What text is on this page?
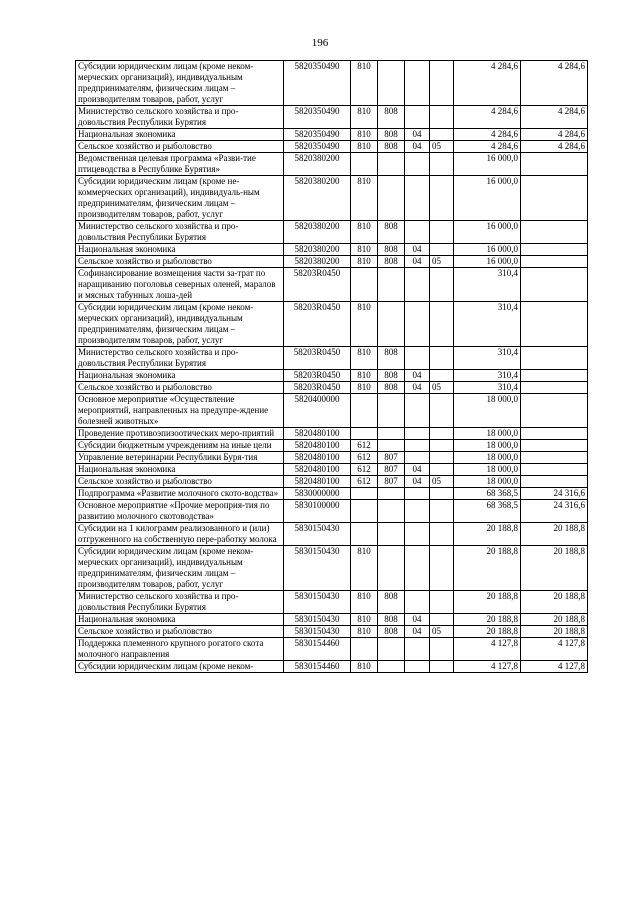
196
Субсидии юридическим лицам (кроме неком-мерческих организаций), индивидуальным предпринимателям, физическим лицам – производителям товаров, работ, услуг	5820350490	810				4 284,6	4 284,6
Министерство сельского хозяйства и про-довольствия Республики Бурятия	5820350490	810	808			4 284,6	4 284,6
Национальная экономика	5820350490	810	808	04		4 284,6	4 284,6
Сельское хозяйство и рыболовство	5820350490	810	808	04	05	4 284,6	4 284,6
Ведомственная целевая программа «Разви-тие птицеводства в Республике Бурятия»	5820380200					16 000,0	
Субсидии юридическим лицам (кроме не-коммерческих организаций), индивидуаль-ным предпринимателям, физическим лицам – производителям товаров, работ, услуг	5820380200	810				16 000,0	
Министерство сельского хозяйства и про-довольствия Республики Бурятия	5820380200	810	808			16 000,0	
Национальная экономика	5820380200	810	808	04		16 000,0	
Сельское хозяйство и рыболовство	5820380200	810	808	04	05	16 000,0	
Софинансирование возмещения части за-трат по наращиванию поголовья северных оленей, маралов и мясных табунных лоша-дей	58203R0450					310,4	
Субсидии юридическим лицам (кроме неком-мерческих организаций), индивидуальным предпринимателям, физическим лицам – производителям товаров, работ, услуг	58203R0450	810				310,4	
Министерство сельского хозяйства и про-довольствия Республики Бурятия	58203R0450	810	808			310,4	
Национальная экономика	58203R0450	810	808	04		310,4	
Сельское хозяйство и рыболовство	58203R0450	810	808	04	05	310,4	
Основное мероприятие «Осуществление мероприятий, направленных на предупре-ждение болезней животных»	5820400000					18 000,0	
Проведение противоэпизоотических меро-приятий	5820480100					18 000,0	
Субсидии бюджетным учреждениям на иные цели	5820480100	612				18 000,0	
Управление ветеринарии Республики Буря-тия	5820480100	612	807			18 000,0	
Национальная экономика	5820480100	612	807	04		18 000,0	
Сельское хозяйство и рыболовство	5820480100	612	807	04	05	18 000,0	
Подпрограмма «Развитие молочного ското-водства»	5830000000					68 368,5	24 316,6
Основное мероприятие «Прочие мероприя-тия по развитию молочного скотоводства»	5830100000					68 368,5	24 316,6
Субсидии на 1 килограмм реализованного и (или) отгруженного на собственную пере-работку молока	5830150430					20 188,8	20 188,8
Субсидии юридическим лицам (кроме неком-мерческих организаций), индивидуальным предпринимателям, физическим лицам – производителям товаров, работ, услуг	5830150430	810				20 188,8	20 188,8
Министерство сельского хозяйства и про-довольствия Республики Бурятия	5830150430	810	808			20 188,8	20 188,8
Национальная экономика	5830150430	810	808	04		20 188,8	20 188,8
Сельское хозяйство и рыболовство	5830150430	810	808	04	05	20 188,8	20 188,8
Поддержка племенного крупного рогатого скота молочного направления	5830154460					4 127,8	4 127,8
Субсидии юридическим лицам (кроме неком-	5830154460	810				4 127,8	4 127,8
